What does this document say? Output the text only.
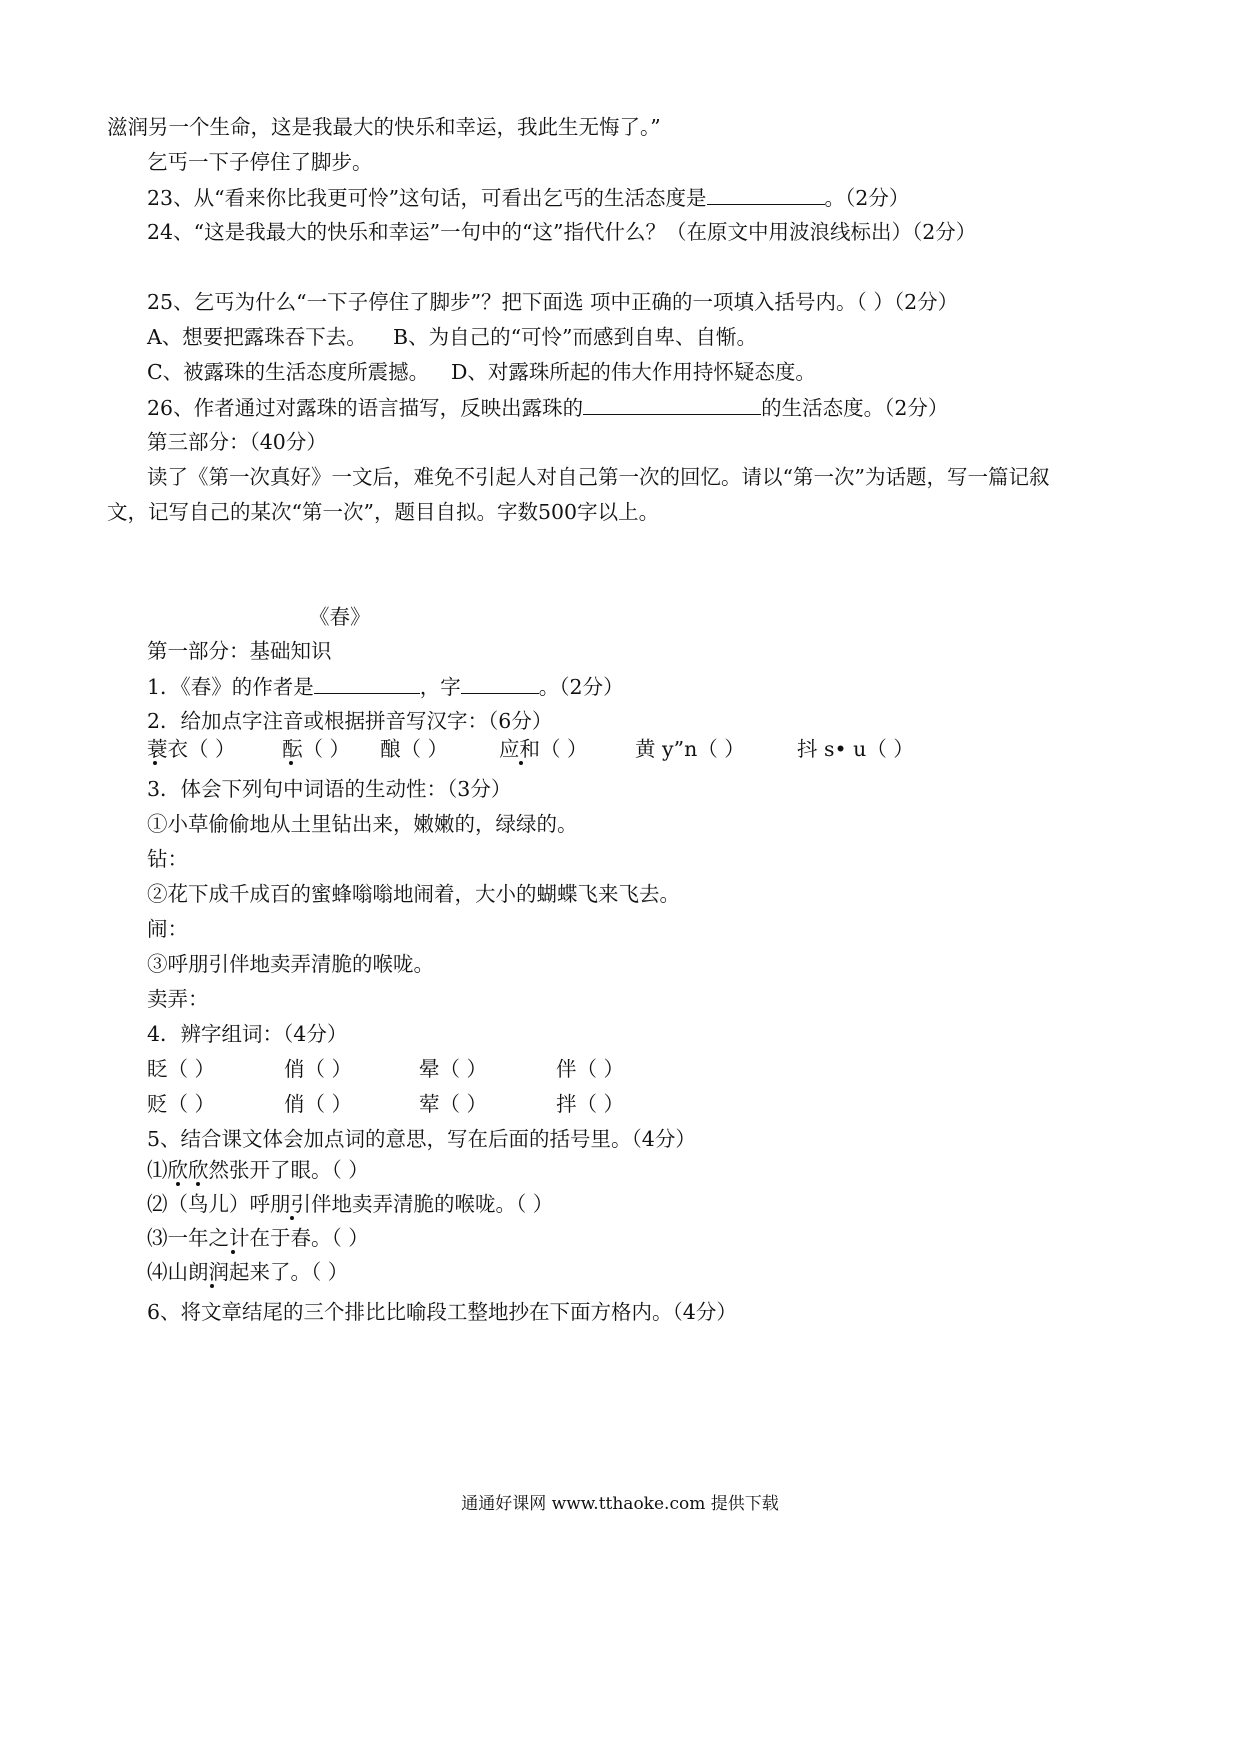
滋润另一个生命，这是我最大的快乐和幸运，我此生无悔了。”
乞丐一下子停住了脚步。
23、从“看来你比我更可怜”这句话，可看出乞丐的生活态度是	。（2分）
24、“这是我最大的快乐和幸运”一句中的“这”指代什么？（在原文中用波浪线标出）（2分）
25、乞丐为什么“一下子停住了脚步”？把下面选 项中正确的一项填入括号内。（ ）（2分）
A、想要把露珠吞下去。 B、为自己的“可怜”而感到自卑、自惭。
C、被露珠的生活态度所震撼。 D、对露珠所起的伟大作用持怀疑态度。
26、作者通过对露珠的语言描写，反映出露珠的	的生活态度。（2分）
第三部分：（40分）
读了《第一次真好》一文后，难免不引起人对自己第一次的回忆。请以“第一次”为话题，写一篇记叙
文，记写自己的某次“第一次”，题目自拟。字数500字以上。
《春》
第一部分：基础知识
1．《春》的作者是	，字	。（2分）
2．给加点字注音或根据拼音写汉字：（6分）
蓑衣（ ） 酝（ ） 酿（ ） 应和（ ） 黄 y”n（ ）	抖 s• u（ ）
3．体会下列句中词语的生动性：（3分）
①小草偷偷地从土里钻出来，嫩嫩的，绿绿的。
钻：
②花下成千成百的蜜蜂嗡嗡地闹着，大小的蝴蝶飞来飞去。
闹：
③呼朋引伴地卖弄清脆的喉咙。
卖弄：
4．辨字组词：（4分）
眨（ ）	俏（ ）	晕（ ）	伴（ ）
贬（ ）	俏（ ）	荤（ ）	拌（ ）
5、结合课文体会加点词的意思，写在后面的括号里。（4分）
⑴欣欣然张开了眼。（ ）
⑵（鸟儿）呼朋引伴地卖弄清脆的喉咙。（ ）
⑶一年之计在于春。（ ）
⑷山朗润起来了。（ ）
6、将文章结尾的三个排比比喻段工整地抄在下面方格内。（4分）
通通好课网 www.tthaoke.com 提供下载
